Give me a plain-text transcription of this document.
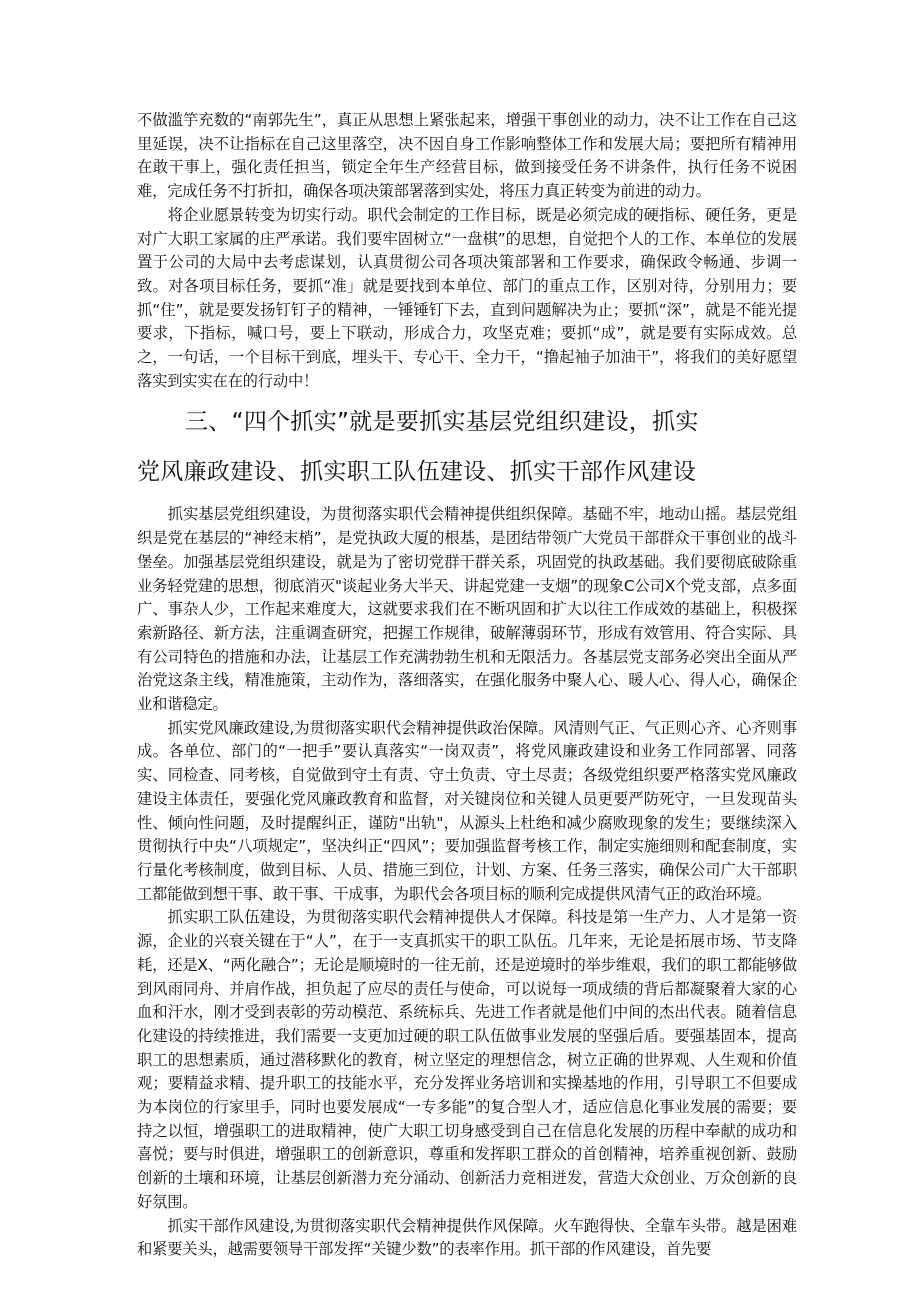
不做滥竽充数的“南郭先生”，真正从思想上紧张起来，增强干事创业的动力，决不让工作在自己这里延误，决不让指标在自己这里落空，决不因自身工作影响整体工作和发展大局；要把所有精神用在敢干事上，强化责任担当，锁定全年生产经营目标，做到接受任务不讲条件，执行任务不说困难，完成任务不打折扣，确保各项决策部署落到实处，将压力真正转变为前进的动力。

将企业愿景转变为切实行动。职代会制定的工作目标，既是必须完成的硬指标、硬任务，更是对广大职工家属的庄严承诺。我们要牢固树立“一盘棋”的思想，自觉把个人的工作、本单位的发展置于公司的大局中去考虑谋划，认真贯彻公司各项决策部署和工作要求，确保政令畅通、步调一致。对各项目标任务，要抓“准」就是要找到本单位、部门的重点工作，区别对待，分别用力；要抓“住”，就是要发扬钉钉子的精神，一锤锤钉下去，直到问题解决为止；要抓“深”，就是不能光提要求，下指标，喊口号，要上下联动，形成合力，攻坚克难；要抓“成”，就是要有实际成效。总之，一句话，一个目标干到底，埋头干、专心干、全力干，“撸起袖子加油干”，将我们的美好愿望落实到实实在在的行动中！

三、“四个抓实”就是要抓实基层党组织建设，抓实
党风廉政建设、抓实职工队伍建设、抓实干部作风建设

抓实基层党组织建设，为贯彻落实职代会精神提供组织保障。基础不牢，地动山摇。基层党组织是党在基层的“神经末梢”，是党执政大厦的根基，是团结带领广大党员干部群众干事创业的战斗堡垒。加强基层党组织建设，就是为了密切党群干群关系，巩固党的执政基础。我们要彻底破除重业务轻党建的思想，彻底消灭"谈起业务大半天、讲起党建一支烟”的现象C公司X个党支部，点多面广、事杂人少，工作起来难度大，这就要求我们在不断巩固和扩大以往工作成效的基础上，积极探索新路径、新方法，注重调查研究，把握工作规律，破解薄弱环节，形成有效管用、符合实际、具有公司特色的措施和办法，让基层工作充满勃勃生机和无限活力。各基层党支部务必突出全面从严治党这条主线，精准施策，主动作为，落细落实，在强化服务中聚人心、暖人心、得人心，确保企业和谐稳定。

抓实党风廉政建设,为贯彻落实职代会精神提供政治保障。风清则气正、气正则心齐、心齐则事成。各单位、部门的“一把手”要认真落实“一岗双责”，将党风廉政建设和业务工作同部署、同落实、同检查、同考核，自觉做到守土有责、守土负责、守土尽责；各级党组织要严格落实党风廉政建设主体责任，要强化党风廉政教育和监督，对关键岗位和关键人员更要严防死守，一旦发现苗头性、倾向性问题，及时提醒纠正，谨防"出轨"，从源头上杜绝和减少腐败现象的发生；要继续深入贯彻执行中央“八项规定”，坚决纠正“四风”；要加强监督考核工作，制定实施细则和配套制度，实行量化考核制度，做到目标、人员、措施三到位，计划、方案、任务三落实，确保公司广大干部职工都能做到想干事、敢干事、干成事，为职代会各项目标的顺利完成提供风清气正的政治环境。

抓实职工队伍建设，为贯彻落实职代会精神提供人才保障。科技是第一生产力、人才是第一资源，企业的兴衰关键在于“人”，在于一支真抓实干的职工队伍。几年来，无论是拓展市场、节支降耗，还是X、“两化融合”；无论是顺境时的一往无前，还是逆境时的举步维艰，我们的职工都能够做到风雨同舟、并肩作战，担负起了应尽的责任与使命，可以说每一项成绩的背后都凝聚着大家的心血和汗水，刚才受到表彰的劳动模范、系统标兵、先进工作者就是他们中间的杰出代表。随着信息化建设的持续推进，我们需要一支更加过硬的职工队伍做事业发展的坚强后盾。要强基固本，提高职工的思想素质，通过潜移默化的教育，树立坚定的理想信念，树立正确的世界观、人生观和价值观；要精益求精、提升职工的技能水平，充分发挥业务培训和实操基地的作用，引导职工不但要成为本岗位的行家里手，同时也要发展成“一专多能”的复合型人才，适应信息化事业发展的需要；要持之以恒，增强职工的进取精神，使广大职工切身感受到自己在信息化发展的历程中奉献的成功和喜悦；要与时俱进，增强职工的创新意识，尊重和发挥职工群众的首创精神，培养重视创新、鼓励创新的土壤和环境，让基层创新潜力充分涌动、创新活力竞相迸发，营造大众创业、万众创新的良好氛围。

抓实干部作风建设,为贯彻落实职代会精神提供作风保障。火车跑得快、全靠车头带。越是困难和紧要关头，越需要领导干部发挥“关键少数”的表率作用。抓干部的作风建设，首先要
